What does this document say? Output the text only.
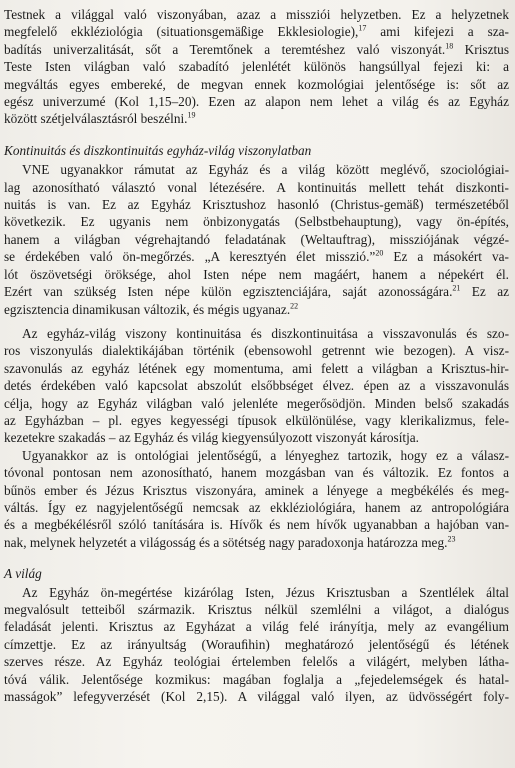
Testnek a világgal való viszonyában, azaz a missziói helyzetben. Ez a helyzetnek
megfelelő ekkléziológia (situationsgemäßige Ekklesiologie),$^{17}$ ami kifejezi a sza-
badítás univerzalitását, sőt a Teremtőnek a teremtéshez való viszonyát.$^{18}$ Krisztus
Teste Isten világban való szabadító jelenlétét különös hangsúllyal fejezi ki: a
megváltás egyes embereké, de megvan ennek kozmológiai jelentősége is: sőt az
egész univerzumé (Kol 1,15–20). Ezen az alapon nem lehet a világ és az Egyház
között szétjelválasztásról beszélni.$^{19}$
Kontinuitás és diszkontinuitás egyház-világ viszonylatban
VNE ugyanakkor rámutat az Egyház és a világ között meglévő, szociológiai-
lag azonosítható választó vonal létezésére. A kontinuitás mellett tehát diszkonti-
nuitás is van. Ez az Egyház Krisztushoz hasonló (Christus-gemäß) természetéből
következik. Ez ugyanis nem önbizonygatás (Selbstbehauptung), vagy ön-építés,
hanem a világban végrehajtandó feladatának (Weltauftrag), missziójának végzé-
se érdekében való ön-megőrzés. „A keresztyén élet misszió.”$^{20}$ Ez a másokért va-
lót öszövetségi öröksége, ahol Isten népe nem magáért, hanem a népekért él.
Ezért van szükség Isten népe külön egzisztenciájára, saját azonosságára.$^{21}$ Ez az
egzisztencia dinamikusan változik, és mégis ugyanaz.$^{22}$
Az egyház-világ viszony kontinuitása és diszkontinuitása a visszavonulás és szo-
ros viszonyulás dialektikájában történik (ebensowohl getrennt wie bezogen). A visz-
szavonulás az egyház létének egy momentuma, ami felett a világban a Krisztus-hir-
detés érdekében való kapcsolat abszolút elsőbbséget élvez. épen az a visszavonulás
célja, hogy az Egyház világban való jelenléte megerősödjön. Minden belső szakadás
az Egyházban – pl. egyes kegyességi típusok elkülönülése, vagy klerikalizmus, fele-
kezetekre szakadás – az Egyház és világ kiegyensúlyozott viszonyát károsítja.
Ugyanakkor az is ontológiai jelentőségű, a lényeghez tartozik, hogy ez a válasz-
tóvonal pontosan nem azonosítható, hanem mozgásban van és változik. Ez fontos a
bűnös ember és Jézus Krisztus viszonyára, aminek a lényege a megbékélés és meg-
váltás. Így ez nagyjelentőségű nemcsak az ekkléziológiára, hanem az antropológiára
és a megbékélésről szóló tanítására is. Hívők és nem hívők ugyanabban a hajóban van-
nak, melynek helyzetét a világosság és a sötétség nagy paradoxonja határozza meg.$^{23}$
A világ
Az Egyház ön-megértése kizárólag Isten, Jézus Krisztusban a Szentlélek által
megvalósult tetteiből származik. Krisztus nélkül szemlélni a világot, a dialógus
feladását jelenti. Krisztus az Egyházat a világ felé irányítja, mely az evangélium
címzettje. Ez az irányultság (Worauﬁhin) meghatározó jelentőségű és létének
szerves része. Az Egyház teológiai értelemben felelős a világért, melyben látha-
tóvá válik. Jelentősége kozmikus: magában foglalja a „fejedelemségek és hatal-
masságok” lefegyverzését (Kol 2,15). A világgal való ilyen, az üdvösségért foly-
